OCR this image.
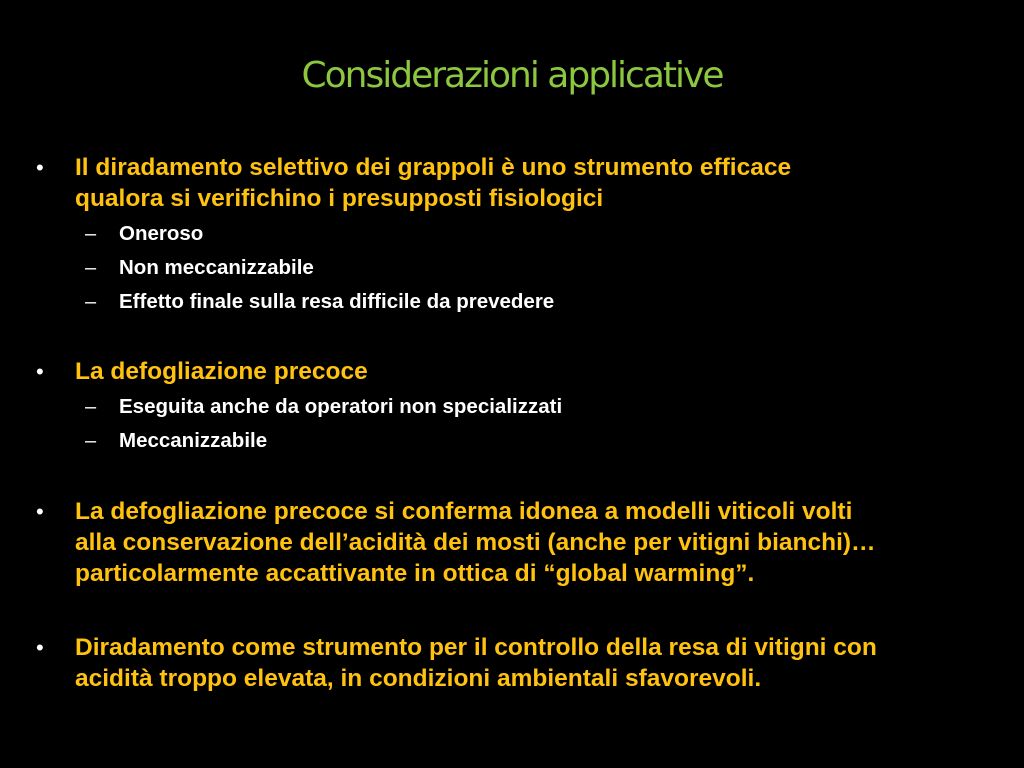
Considerazioni applicative
• Il diradamento selettivo dei grappoli è uno strumento efficace
qualora si verifichino i presupposti fisiologici
– Oneroso
– Non meccanizzabile
– Effetto finale sulla resa difficile da prevedere
• La defogliazione precoce
– Eseguita anche da operatori non specializzati
– Meccanizzabile
• La defogliazione precoce si conferma idonea a modelli viticoli volti
alla conservazione dell’acidità dei mosti (anche per vitigni bianchi)…
particolarmente accattivante in ottica di “global warming”.
• Diradamento come strumento per il controllo della resa di vitigni con
acidità troppo elevata, in condizioni ambientali sfavorevoli.
